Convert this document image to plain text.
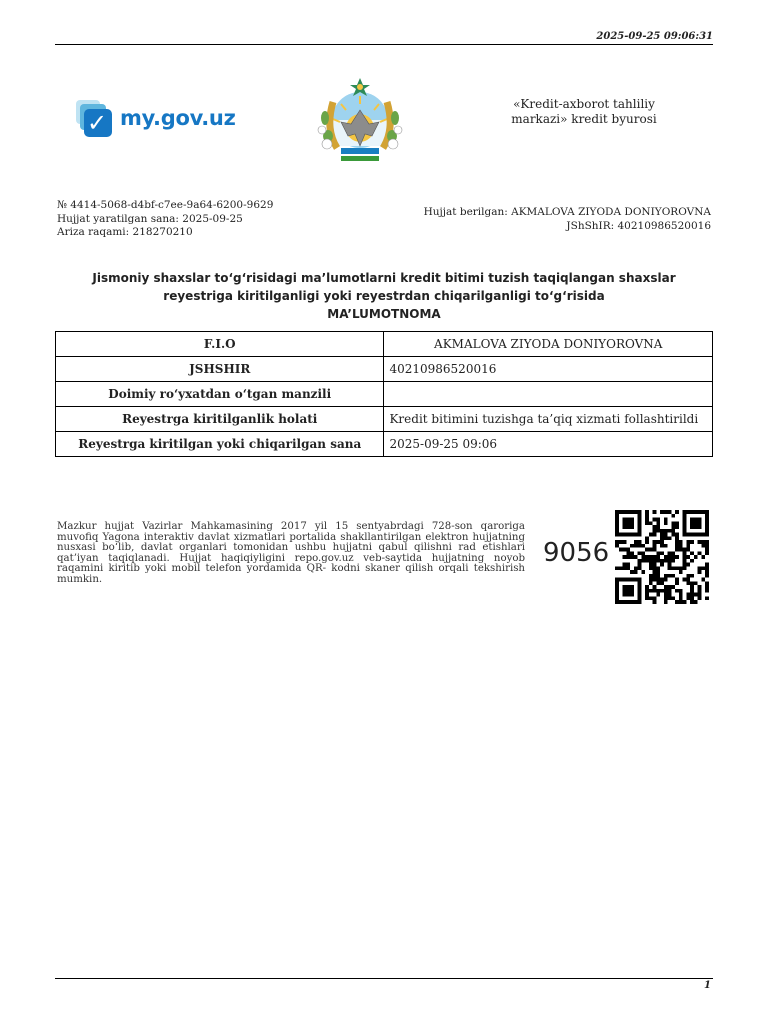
2025-09-25 09:06:31
✓ my.gov.uz
«Kredit-axborot tahliliy markazi» kredit byurosi
№ 4414-5068-d4bf-c7ee-9a64-6200-9629
Hujjat yaratilgan sana: 2025-09-25
Ariza raqami: 218270210
Hujjat berilgan: AKMALOVA ZIYODA DONIYOROVNA
JShShIR: 40210986520016
Jismoniy shaxslar to‘g‘risidagi ma’lumotlarni kredit bitimi tuzish taqiqlangan shaxslar
reyestriga kiritilganligi yoki reyestrdan chiqarilganligi to‘g‘risida
MA’LUMOTNOMA
F.I.O	AKMALOVA ZIYODA DONIYOROVNA
JSHSHIR	40210986520016
Doimiy ro‘yxatdan o‘tgan manzili	
Reyestrga kiritilganlik holati	Kredit bitimini tuzishga ta’qiq xizmati follashtirildi
Reyestrga kiritilgan yoki chiqarilgan sana	2025-09-25 09:06
Mazkur hujjat Vazirlar Mahkamasining 2017 yil 15 sentyabrdagi 728-son qaroriga muvofiq Yagona interaktiv davlat xizmatlari portalida shakllantirilgan elektron hujjatning nusxasi bo‘lib, davlat organlari tomonidan ushbu hujjatni qabul qilishni rad etishlari qat’iyan taqiqlanadi. Hujjat haqiqiyligini repo.gov.uz veb-saytida hujjatning noyob raqamini kiritib yoki mobil telefon yordamida QR- kodni skaner qilish orqali tekshirish mumkin.
9056
1
